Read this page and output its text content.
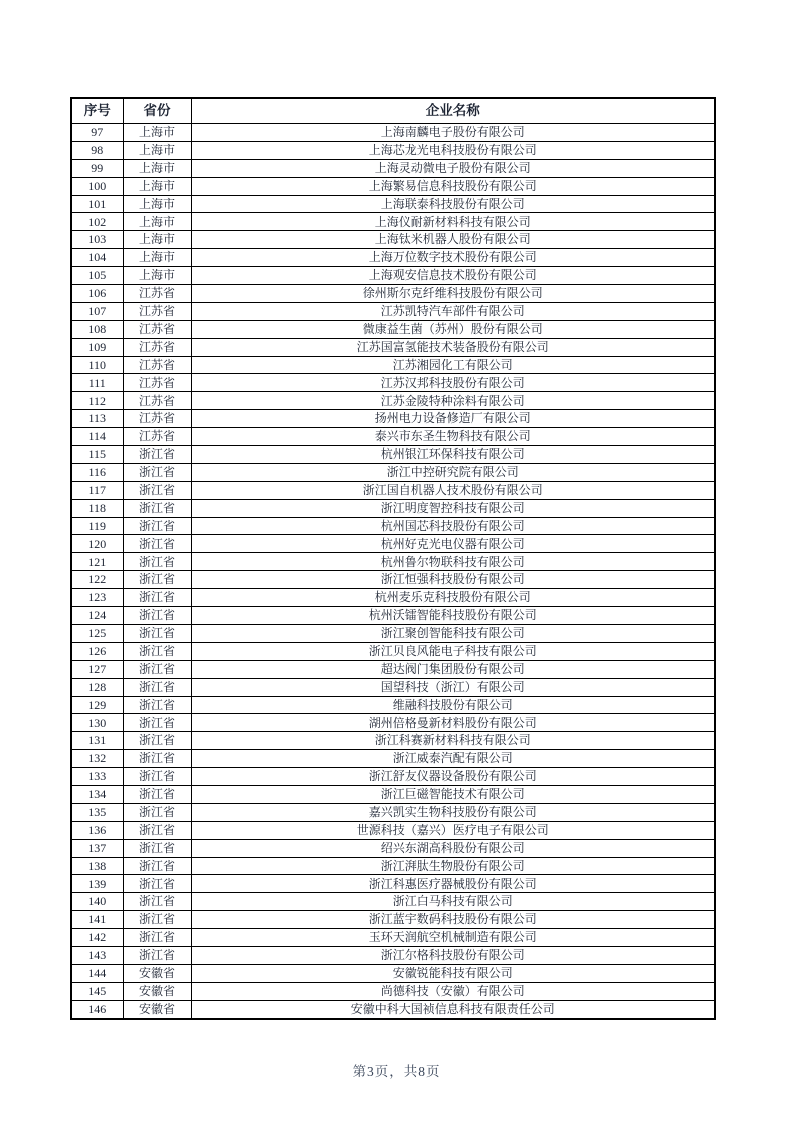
序号	省份	企业名称
97	上海市	上海南麟电子股份有限公司
98	上海市	上海芯龙光电科技股份有限公司
99	上海市	上海灵动微电子股份有限公司
100	上海市	上海繁易信息科技股份有限公司
101	上海市	上海联泰科技股份有限公司
102	上海市	上海仪耐新材料科技有限公司
103	上海市	上海钛米机器人股份有限公司
104	上海市	上海万位数字技术股份有限公司
105	上海市	上海观安信息技术股份有限公司
106	江苏省	徐州斯尔克纤维科技股份有限公司
107	江苏省	江苏凯特汽车部件有限公司
108	江苏省	微康益生菌（苏州）股份有限公司
109	江苏省	江苏国富氢能技术装备股份有限公司
110	江苏省	江苏湘园化工有限公司
111	江苏省	江苏汉邦科技股份有限公司
112	江苏省	江苏金陵特种涂料有限公司
113	江苏省	扬州电力设备修造厂有限公司
114	江苏省	泰兴市东圣生物科技有限公司
115	浙江省	杭州银江环保科技有限公司
116	浙江省	浙江中控研究院有限公司
117	浙江省	浙江国自机器人技术股份有限公司
118	浙江省	浙江明度智控科技有限公司
119	浙江省	杭州国芯科技股份有限公司
120	浙江省	杭州好克光电仪器有限公司
121	浙江省	杭州鲁尔物联科技有限公司
122	浙江省	浙江恒强科技股份有限公司
123	浙江省	杭州麦乐克科技股份有限公司
124	浙江省	杭州沃镭智能科技股份有限公司
125	浙江省	浙江聚创智能科技有限公司
126	浙江省	浙江贝良风能电子科技有限公司
127	浙江省	超达阀门集团股份有限公司
128	浙江省	国望科技（浙江）有限公司
129	浙江省	维融科技股份有限公司
130	浙江省	湖州倍格曼新材料股份有限公司
131	浙江省	浙江科赛新材料科技有限公司
132	浙江省	浙江威泰汽配有限公司
133	浙江省	浙江舒友仪器设备股份有限公司
134	浙江省	浙江巨磁智能技术有限公司
135	浙江省	嘉兴凯实生物科技股份有限公司
136	浙江省	世源科技（嘉兴）医疗电子有限公司
137	浙江省	绍兴东湖高科股份有限公司
138	浙江省	浙江湃肽生物股份有限公司
139	浙江省	浙江科惠医疗器械股份有限公司
140	浙江省	浙江白马科技有限公司
141	浙江省	浙江蓝宇数码科技股份有限公司
142	浙江省	玉环天润航空机械制造有限公司
143	浙江省	浙江尔格科技股份有限公司
144	安徽省	安徽锐能科技有限公司
145	安徽省	尚德科技（安徽）有限公司
146	安徽省	安徽中科大国祯信息科技有限责任公司
第3页，共8页
